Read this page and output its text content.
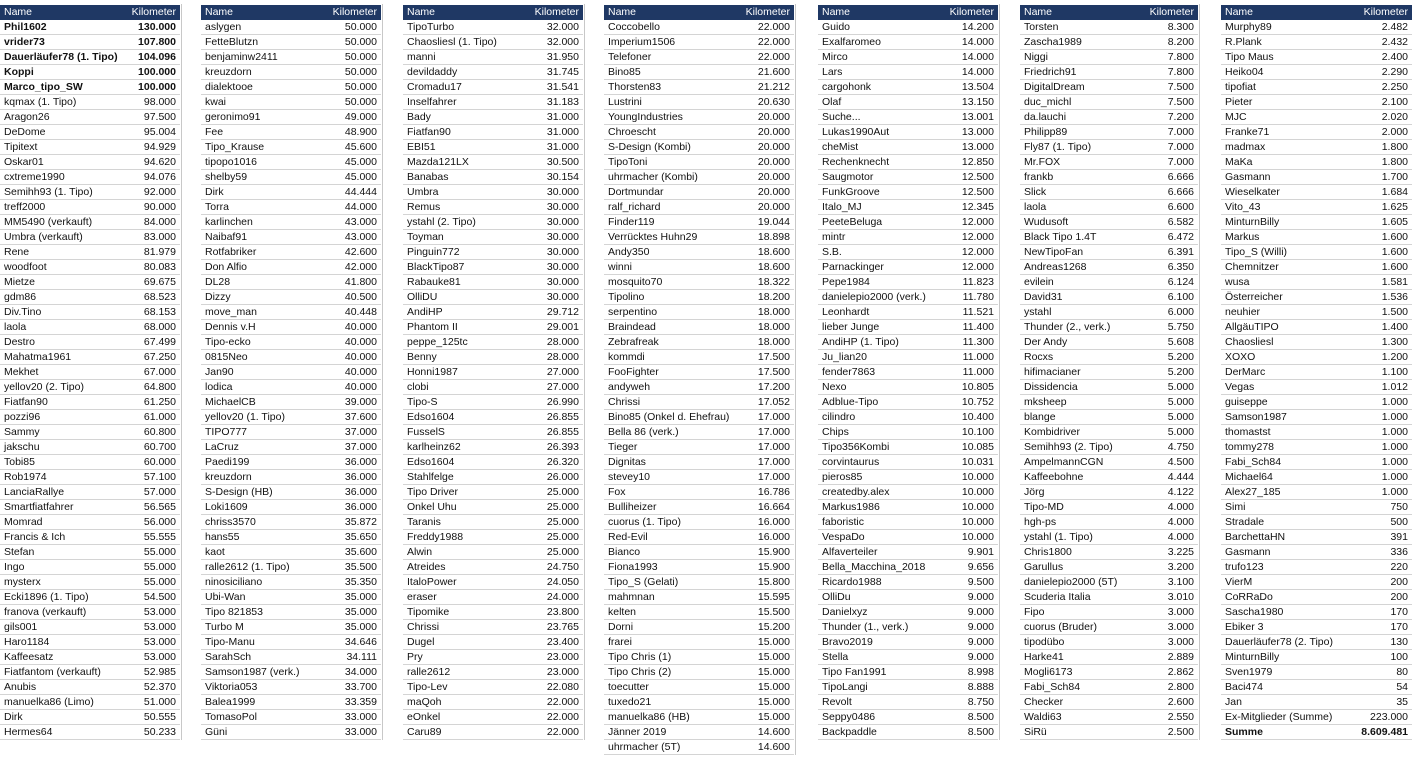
Name	Kilometer
Phil1602	130.000
vrider73	107.800
Dauerläufer78 (1. Tipo)	104.096
Koppi	100.000
Marco_tipo_SW	100.000
kqmax (1. Tipo)	98.000
Aragon26	97.500
DeDome	95.004
Tipitext	94.929
Oskar01	94.620
cxtreme1990	94.076
Semihh93 (1. Tipo)	92.000
treff2000	90.000
MM5490 (verkauft)	84.000
Umbra (verkauft)	83.000
Rene	81.979
woodfoot	80.083
Mietze	69.675
gdm86	68.523
Div.Tino	68.153
laola	68.000
Destro	67.499
Mahatma1961	67.250
Mekhet	67.000
yellov20 (2. Tipo)	64.800
Fiatfan90	61.250
pozzi96	61.000
Sammy	60.800
jakschu	60.700
Tobi85	60.000
Rob1974	57.100
LanciaRallye	57.000
Smartfiatfahrer	56.565
Momrad	56.000
Francis & Ich	55.555
Stefan	55.000
Ingo	55.000
mysterx	55.000
Ecki1896 (1. Tipo)	54.500
franova (verkauft)	53.000
gils001	53.000
Haro1184	53.000
Kaffeesatz	53.000
Fiatfantom (verkauft)	52.985
Anubis	52.370
manuelka86 (Limo)	51.000
Dirk	50.555
Hermes64	50.233
Name	Kilometer
aslygen	50.000
FetteBlutzn	50.000
benjaminw2411	50.000
kreuzdorn	50.000
dialektooe	50.000
kwai	50.000
geronimo91	49.000
Fee	48.900
Tipo_Krause	45.600
tipopo1016	45.000
shelby59	45.000
Dirk	44.444
Torra	44.000
karlinchen	43.000
Naibaf91	43.000
Rotfabriker	42.600
Don Alfio	42.000
DL28	41.800
Dizzy	40.500
move_man	40.448
Dennis v.H	40.000
Tipo-ecko	40.000
0815Neo	40.000
Jan90	40.000
lodica	40.000
MichaelCB	39.000
yellov20 (1. Tipo)	37.600
TIPO777	37.000
LaCruz	37.000
Paedi199	36.000
kreuzdorn	36.000
S-Design (HB)	36.000
Loki1609	36.000
chriss3570	35.872
hans55	35.650
kaot	35.600
ralle2612 (1. Tipo)	35.500
ninosiciliano	35.350
Ubi-Wan	35.000
Tipo 821853	35.000
Turbo M	35.000
Tipo-Manu	34.646
SarahSch	34.111
Samson1987 (verk.)	34.000
Viktoria053	33.700
Balea1999	33.359
TomasoPol	33.000
Güni	33.000
Name	Kilometer
TipoTurbo	32.000
Chaosliesl (1. Tipo)	32.000
manni	31.950
devildaddy	31.745
Cromadu17	31.541
Inselfahrer	31.183
Bady	31.000
Fiatfan90	31.000
EBI51	31.000
Mazda121LX	30.500
Banabas	30.154
Umbra	30.000
Remus	30.000
ystahl (2. Tipo)	30.000
Toyman	30.000
Pinguin772	30.000
BlackTipo87	30.000
Rabauke81	30.000
OlliDU	30.000
AndiHP	29.712
Phantom II	29.001
peppe_125tc	28.000
Benny	28.000
Honni1987	27.000
clobi	27.000
Tipo-S	26.990
Edso1604	26.855
FusselS	26.855
karlheinz62	26.393
Edso1604	26.320
Stahlfelge	26.000
Tipo Driver	25.000
Onkel Uhu	25.000
Taranis	25.000
Freddy1988	25.000
Alwin	25.000
Atreides	24.750
ItaloPower	24.050
eraser	24.000
Tipomike	23.800
Chrissi	23.765
Dugel	23.400
Pry	23.000
ralle2612	23.000
Tipo-Lev	22.080
maQoh	22.000
eOnkel	22.000
Caru89	22.000
Name	Kilometer
Coccobello	22.000
Imperium1506	22.000
Telefoner	22.000
Bino85	21.600
Thorsten83	21.212
Lustrini	20.630
YoungIndustries	20.000
Chroescht	20.000
S-Design (Kombi)	20.000
TipoToni	20.000
uhrmacher (Kombi)	20.000
Dortmundar	20.000
ralf_richard	20.000
Finder119	19.044
Verrücktes Huhn29	18.898
Andy350	18.600
winni	18.600
mosquito70	18.322
Tipolino	18.200
serpentino	18.000
Braindead	18.000
Zebrafreak	18.000
kommdi	17.500
FooFighter	17.500
andyweh	17.200
Chrissi	17.052
Bino85 (Onkel d. Ehefrau)	17.000
Bella 86 (verk.)	17.000
Tieger	17.000
Dignitas	17.000
stevey10	17.000
Fox	16.786
Bulliheizer	16.664
cuorus (1. Tipo)	16.000
Red-Evil	16.000
Bianco	15.900
Fiona1993	15.900
Tipo_S (Gelati)	15.800
mahmnan	15.595
kelten	15.500
Dorni	15.200
frarei	15.000
Tipo Chris (1)	15.000
Tipo Chris (2)	15.000
toecutter	15.000
tuxedo21	15.000
manuelka86 (HB)	15.000
Jänner 2019	14.600
uhrmacher (5T)	14.600
Name	Kilometer
Guido	14.200
Exalfaromeo	14.000
Mirco	14.000
Lars	14.000
cargohonk	13.504
Olaf	13.150
Suche...	13.001
Lukas1990Aut	13.000
cheMist	13.000
Rechenknecht	12.850
Saugmotor	12.500
FunkGroove	12.500
Italo_MJ	12.345
PeeteBeluga	12.000
mintr	12.000
S.B.	12.000
Parnackinger	12.000
Pepe1984	11.823
danielepio2000 (verk.)	11.780
Leonhardt	11.521
lieber Junge	11.400
AndiHP (1. Tipo)	11.300
Ju_lian20	11.000
fender7863	11.000
Nexo	10.805
Adblue-Tipo	10.752
cilindro	10.400
Chips	10.100
Tipo356Kombi	10.085
corvintaurus	10.031
pieros85	10.000
createdby.alex	10.000
Markus1986	10.000
faboristic	10.000
VespaDo	10.000
Alfaverteiler	9.901
Bella_Macchina_2018	9.656
Ricardo1988	9.500
OlliDu	9.000
Danielxyz	9.000
Thunder (1., verk.)	9.000
Bravo2019	9.000
Stella	9.000
Tipo Fan1991	8.998
TipoLangi	8.888
Revolt	8.750
Seppy0486	8.500
Backpaddle	8.500
Name	Kilometer
Torsten	8.300
Zascha1989	8.200
Niggi	7.800
Friedrich91	7.800
DigitalDream	7.500
duc_michl	7.500
da.lauchi	7.200
Philipp89	7.000
Fly87 (1. Tipo)	7.000
Mr.FOX	7.000
frankb	6.666
Slick	6.666
laola	6.600
Wudusoft	6.582
Black Tipo 1.4T	6.472
NewTipoFan	6.391
Andreas1268	6.350
evilein	6.124
David31	6.100
ystahl	6.000
Thunder (2., verk.)	5.750
Der Andy	5.608
Rocxs	5.200
hifimacianer	5.200
Dissidencia	5.000
mksheep	5.000
blange	5.000
Kombidriver	5.000
Semihh93 (2. Tipo)	4.750
AmpelmannCGN	4.500
Kaffeebohne	4.444
Jörg	4.122
Tipo-MD	4.000
hgh-ps	4.000
ystahl (1. Tipo)	4.000
Chris1800	3.225
Garullus	3.200
danielepio2000 (5T)	3.100
Scuderia Italia	3.010
Fipo	3.000
cuorus (Bruder)	3.000
tipodübo	3.000
Harke41	2.889
Mogli6173	2.862
Fabi_Sch84	2.800
Checker	2.600
Waldi63	2.550
SiRü	2.500
Name	Kilometer
Murphy89	2.482
R.Plank	2.432
Tipo Maus	2.400
Heiko04	2.290
tipofiat	2.250
Pieter	2.100
MJC	2.020
Franke71	2.000
madmax	1.800
MaKa	1.800
Gasmann	1.700
Wieselkater	1.684
Vito_43	1.625
MinturnBilly	1.605
Markus	1.600
Tipo_S (Willi)	1.600
Chemnitzer	1.600
wusa	1.581
Österreicher	1.536
neuhier	1.500
AllgäuTIPO	1.400
Chaosliesl	1.300
XOXO	1.200
DerMarc	1.100
Vegas	1.012
guiseppe	1.000
Samson1987	1.000
thomastst	1.000
tommy278	1.000
Fabi_Sch84	1.000
Michael64	1.000
Alex27_185	1.000
Simi	750
Stradale	500
BarchettaHN	391
Gasmann	336
trufo123	220
VierM	200
CoRRaDo	200
Sascha1980	170
Ebiker 3	170
Dauerläufer78 (2. Tipo)	130
MinturnBilly	100
Sven1979	80
Baci474	54
Jan	35
Ex-Mitglieder (Summe)	223.000
Summe	8.609.481
